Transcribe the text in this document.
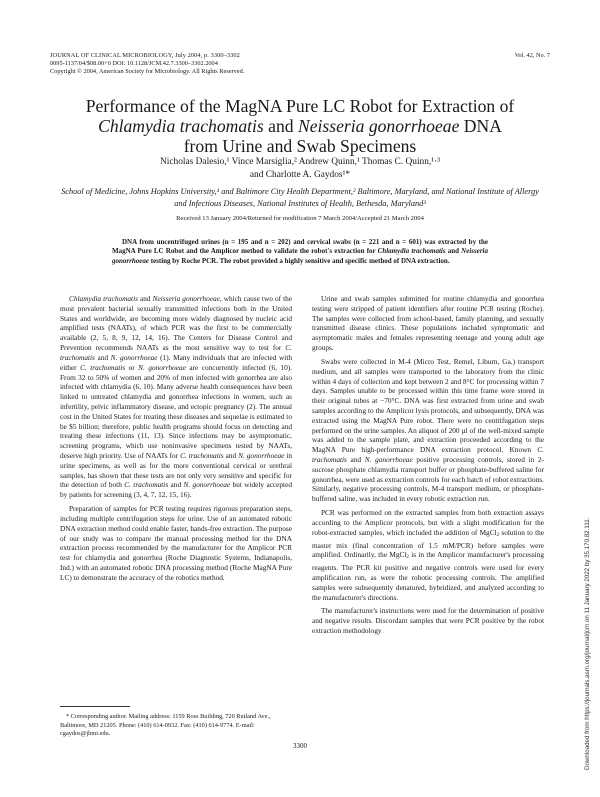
JOURNAL OF CLINICAL MICROBIOLOGY, July 2004, p. 3300–3302
0095-1137/04/$08.00+0 DOI: 10.1128/JCM.42.7.3300–3302.2004
Copyright © 2004, American Society for Microbiology. All Rights Reserved.
Vol. 42, No. 7
Performance of the MagNA Pure LC Robot for Extraction of
Chlamydia trachomatis and Neisseria gonorrhoeae DNA
from Urine and Swab Specimens
Nicholas Dalesio,¹ Vince Marsiglia,² Andrew Quinn,¹ Thomas C. Quinn,¹·³
and Charlotte A. Gaydos¹*
School of Medicine, Johns Hopkins University,¹ and Baltimore City Health Department,² Baltimore, Maryland, and National Institute of Allergy and Infectious Diseases, National Institutes of Health, Bethesda, Maryland³
Received 13 January 2004/Returned for modification 7 March 2004/Accepted 21 March 2004
DNA from uncentrifuged urines (n = 195 and n = 202) and cervical swabs (n = 221 and n = 601) was extracted by the MagNA Pure LC Robot and the Amplicor method to validate the robot's extraction for Chlamydia trachomatis and Neisseria gonorrhoeae testing by Roche PCR. The robot provided a highly sensitive and specific method of DNA extraction.

Chlamydia trachomatis and Neisseria gonorrhoeae, which cause two of the most prevalent bacterial sexually transmitted infections both in the United States and worldwide, are becoming more widely diagnosed by nucleic acid amplified tests (NAATs), of which PCR was the first to be commercially available (2, 5, 8, 9, 12, 14, 16). The Centers for Disease Control and Prevention recommends NAATs as the most sensitive way to test for C. trachomatis and N. gonorrhoeae (1). Many individuals that are infected with either C. trachomatis or N. gonorrhoeae are concurrently infected (6, 10). From 32 to 50% of women and 20% of men infected with gonorrhea are also infected with chlamydia (6, 10). Many adverse health consequences have been linked to untreated chlamydia and gonorrhea infections in women, such as infertility, pelvic inflammatory disease, and ectopic pregnancy (2). The annual cost in the United States for treating these diseases and sequelae is estimated to be $5 billion; therefore, public health programs should focus on detecting and treating these infections (11, 13). Since infections may be asymptomatic, screening programs, which use noninvasive specimens tested by NAATs, deserve high priority. Use of NAATs for C. trachomatis and N. gonorrhoeae in urine specimens, as well as for the more conventional cervical or urethral samples, has shown that these tests are not only very sensitive and specific for the detection of both C. trachomatis and N. gonorrhoeae but widely accepted by patients for screening (3, 4, 7, 12, 15, 16).

Preparation of samples for PCR testing requires rigorous preparation steps, including multiple centrifugation steps for urine. Use of an automated robotic DNA extraction method could enable faster, hands-free extraction. The purpose of our study was to compare the manual processing method for the DNA extraction process recommended by the manufacturer for the Amplicor PCR test for chlamydia and gonorrhea (Roche Diagnostic Systems, Indianapolis, Ind.) with an automated robotic DNA processing method (Roche MagNA Pure LC) to demonstrate the accuracy of the robotics method.

Urine and swab samples submitted for routine chlamydia and gonorrhea testing were stripped of patient identifiers after routine PCR testing (Roche). The samples were collected from school-based, family planning, and sexually transmitted disease clinics. These populations included symptomatic and asymptomatic males and females representing teenage and young adult age groups.

Swabs were collected in M-4 (Micro Test, Remel, Liburn, Ga.) transport medium, and all samples were transported to the laboratory from the clinic within 4 days of collection and kept between 2 and 8°C for processing within 7 days. Samples unable to be processed within this time frame were stored in their original tubes at −70°C. DNA was first extracted from urine and swab samples according to the Amplicor lysis protocols, and subsequently, DNA was extracted using the MagNA Pure robot. There were no centrifugation steps performed on the urine samples. An aliquot of 200 µl of the well-mixed sample was added to the sample plate, and extraction proceeded according to the MagNA Pure high-performance DNA extraction protocol. Known C. trachomatis and N. gonorrhoeae positive processing controls, stored in 2-sucrose phosphate chlamydia transport buffer or phosphate-buffered saline for gonorrhea, were used as extraction controls for each batch of robot extractions. Similarly, negative processing controls, M-4 transport medium, or phosphate-buffered saline, was included in every robotic extraction run.

PCR was performed on the extracted samples from both extraction assays according to the Amplicor protocols, but with a slight modification for the robot-extracted samples, which included the addition of MgCl$_2$ solution to the master mix (final concentration of 1.5 mM/PCR) before samples were amplified. Ordinarily, the MgCl$_2$ is in the Amplicor manufacturer's processing reagents. The PCR kit positive and negative controls were used for every amplification run, as were the robotic processing controls. The amplified samples were subsequently denatured, hybridized, and analyzed according to the manufacturer's directions.

The manufacturer's instructions were used for the determination of positive and negative results. Discordant samples that were PCR positive by the robot extraction methodology

* Corresponding author. Mailing address: 1159 Ross Building, 720 Rutland Ave., Baltimore, MD 21205. Phone: (410) 614-0932. Fax: (410) 614-9774. E-mail: cgaydos@jhmi.edu.

3300	Downloaded from https://journals.asm.org/journal/jcm on 11 January 2022 by 35.170.82.111.
